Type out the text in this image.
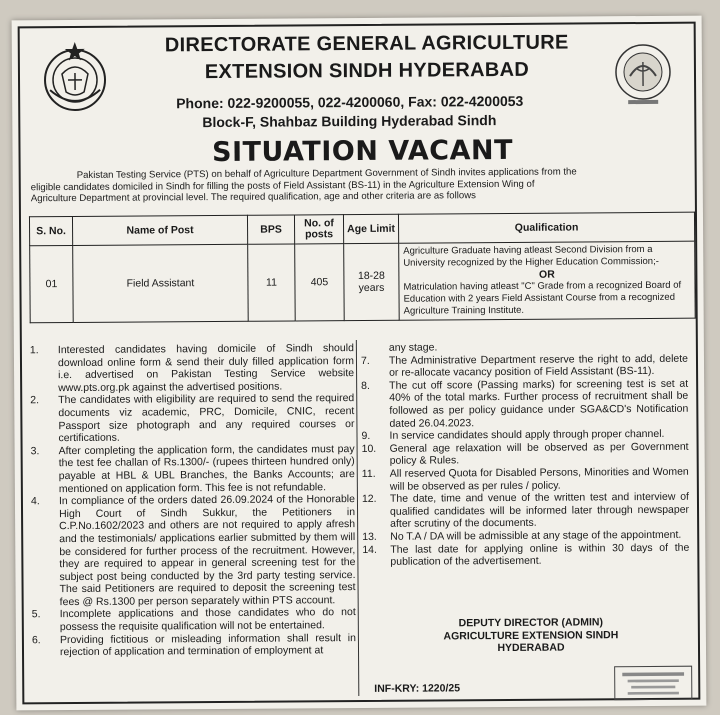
DIRECTORATE GENERAL AGRICULTURE
EXTENSION SINDH HYDERABAD
Phone: 022-9200055, 022-4200060, Fax: 022-4200053
Block-F, Shahbaz Building Hyderabad Sindh
SITUATION VACANT
Pakistan Testing Service (PTS) on behalf of Agriculture Department Government of Sindh invites applications from the
eligible candidates domiciled in Sindh for filling the posts of Field Assistant (BS-11) in the Agriculture Extension Wing of
Agriculture Department at provincial level. The required qualification, age and other criteria are as follows
S. No.	Name of Post	BPS	No. of posts	Age Limit	Qualification
01	Field Assistant	11	405	18-28 years	Agriculture Graduate having atleast Second Division from a University recognized by the Higher Education Commission;-
OR
Matriculation having atleast "C" Grade from a recognized Board of Education with 2 years Field Assistant Course from a recognized Agriculture Training Institute.
1.	Interested candidates having domicile of Sindh should download online form & send their duly filled application form i.e. advertised on Pakistan Testing Service website www.pts.org.pk against the advertised positions.
2.	The candidates with eligibility are required to send the required documents viz academic, PRC, Domicile, CNIC, recent Passport size photograph and any required courses or certifications.
3.	After completing the application form, the candidates must pay the test fee challan of Rs.1300/- (rupees thirteen hundred only) payable at HBL & UBL Branches, the Banks Accounts; are mentioned on application form. This fee is not refundable.
4.	In compliance of the orders dated 26.09.2024 of the Honorable High Court of Sindh Sukkur, the Petitioners in C.P.No.1602/2023 and others are not required to apply afresh and the testimonials/ applications earlier submitted by them will be considered for further process of the recruitment. However, they are required to appear in general screening test for the subject post being conducted by the 3rd party testing service. The said Petitioners are required to deposit the screening test fees @ Rs.1300 per person separately within PTS account.
5.	Incomplete applications and those candidates who do not possess the requisite qualification will not be entertained.
6.	Providing fictitious or misleading information shall result in rejection of application and termination of employment at
any stage.
7.	The Administrative Department reserve the right to add, delete or re-allocate vacancy position of Field Assistant (BS-11).
8.	The cut off score (Passing marks) for screening test is set at 40% of the total marks. Further process of recruitment shall be followed as per policy guidance under SGA&CD's Notification dated 26.04.2023.
9.	In service candidates should apply through proper channel.
10.	General age relaxation will be observed as per Government policy & Rules.
11.	All reserved Quota for Disabled Persons, Minorities and Women will be observed as per rules / policy.
12.	The date, time and venue of the written test and interview of qualified candidates will be informed later through newspaper after scrutiny of the documents.
13.	No T.A / DA will be admissible at any stage of the appointment.
14.	The last date for applying online is within 30 days of the publication of the advertisement.
DEPUTY DIRECTOR (ADMIN)
AGRICULTURE EXTENSION SINDH
HYDERABAD
INF-KRY: 1220/25
